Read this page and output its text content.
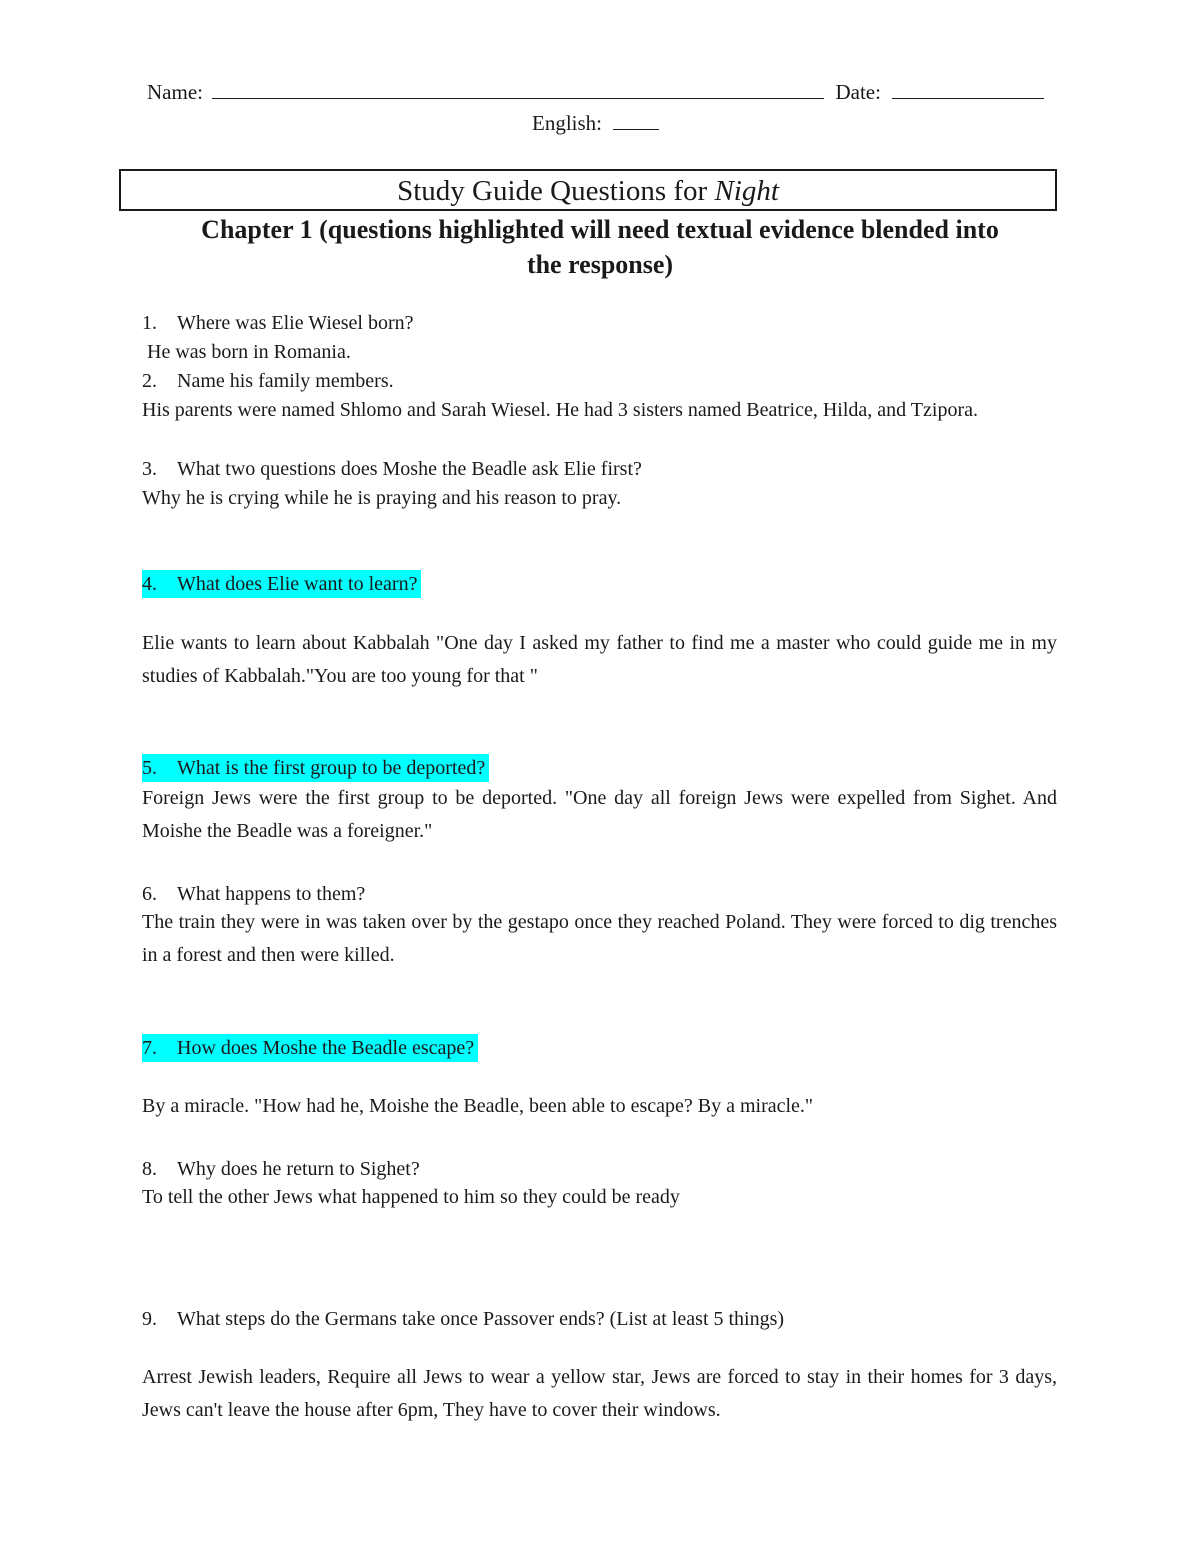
Name:	Date:
English:
Study Guide Questions for Night
Chapter 1 (questions highlighted will need textual evidence blended into
the response)
1. Where was Elie Wiesel born?
He was born in Romania.
2. Name his family members.
His parents were named Shlomo and Sarah Wiesel. He had 3 sisters named Beatrice, Hilda, and Tzipora.
3. What two questions does Moshe the Beadle ask Elie first?
Why he is crying while he is praying and his reason to pray.
4. What does Elie want to learn?
Elie wants to learn about Kabbalah "One day I asked my father to find me a master who could guide me in my studies of Kabbalah."You are too young for that "
5. What is the first group to be deported?
Foreign Jews were the first group to be deported. "One day all foreign Jews were expelled from Sighet. And Moishe the Beadle was a foreigner."
6. What happens to them?
The train they were in was taken over by the gestapo once they reached Poland. They were forced to dig trenches in a forest and then were killed.
7. How does Moshe the Beadle escape?
By a miracle. "How had he, Moishe the Beadle, been able to escape? By a miracle."
8. Why does he return to Sighet?
To tell the other Jews what happened to him so they could be ready
9. What steps do the Germans take once Passover ends? (List at least 5 things)
Arrest Jewish leaders, Require all Jews to wear a yellow star, Jews are forced to stay in their homes for 3 days, Jews can't leave the house after 6pm, They have to cover their windows.
